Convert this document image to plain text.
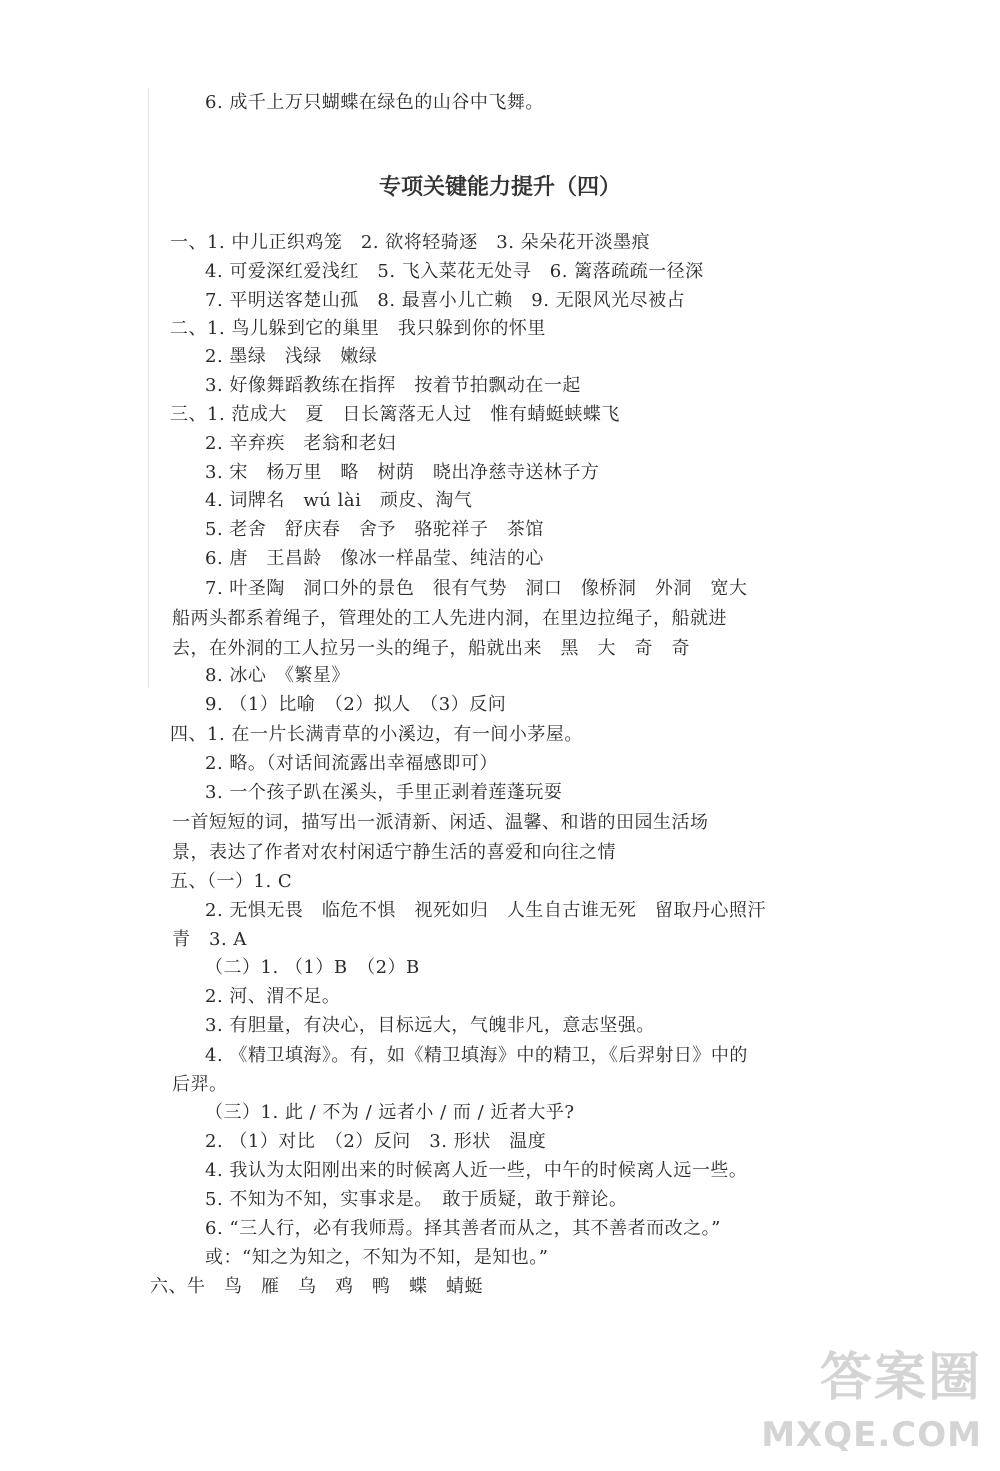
6. 成千上万只蝴蝶在绿色的山谷中飞舞。
专项关键能力提升（四）
一、1. 中儿正织鸡笼　2. 欲将轻骑逐　3. 朵朵花开淡墨痕
4. 可爱深红爱浅红　5. 飞入菜花无处寻　6. 篱落疏疏一径深
7. 平明送客楚山孤　8. 最喜小儿亡赖　9. 无限风光尽被占
二、1. 鸟儿躲到它的巢里　我只躲到你的怀里
2. 墨绿　浅绿　嫩绿
3. 好像舞蹈教练在指挥　按着节拍飘动在一起
三、1. 范成大　夏　日长篱落无人过　惟有蜻蜓蛱蝶飞
2. 辛弃疾　老翁和老妇
3. 宋　杨万里　略　树荫　晓出净慈寺送林子方
4. 词牌名　wú lài　顽皮、淘气
5. 老舍　舒庆春　舍予　骆驼祥子　茶馆
6. 唐　王昌龄　像冰一样晶莹、纯洁的心
7. 叶圣陶　洞口外的景色　很有气势　洞口　像桥洞　外洞　宽大
船两头都系着绳子，管理处的工人先进内洞，在里边拉绳子，船就进
去，在外洞的工人拉另一头的绳子，船就出来　黑　大　奇　奇
8. 冰心　《繁星》
9. （1）比喻　（2）拟人　（3）反问
四、1. 在一片长满青草的小溪边，有一间小茅屋。
2. 略。（对话间流露出幸福感即可）
3. 一个孩子趴在溪头，手里正剥着莲蓬玩耍
一首短短的词，描写出一派清新、闲适、温馨、和谐的田园生活场
景，表达了作者对农村闲适宁静生活的喜爱和向往之情
五、（一）1. C
2. 无惧无畏　临危不惧　视死如归　人生自古谁无死　留取丹心照汗
青　3. A
（二）1. （1）B　（2）B
2. 河、渭不足。
3. 有胆量，有决心，目标远大，气魄非凡，意志坚强。
4. 《精卫填海》。有，如《精卫填海》中的精卫，《后羿射日》中的
后羿。
（三）1. 此 / 不为 / 远者小 / 而 / 近者大乎?
2. （1）对比　（2）反问　3. 形状　温度
4. 我认为太阳刚出来的时候离人近一些，中午的时候离人远一些。
5. 不知为不知，实事求是。　敢于质疑，敢于辩论。
6. “三人行，必有我师焉。择其善者而从之，其不善者而改之。”
或：“知之为知之，不知为不知，是知也。”
六、牛　鸟　雁　乌　鸡　鸭　蝶　蜻蜓
答案圈
MXQE.COM
